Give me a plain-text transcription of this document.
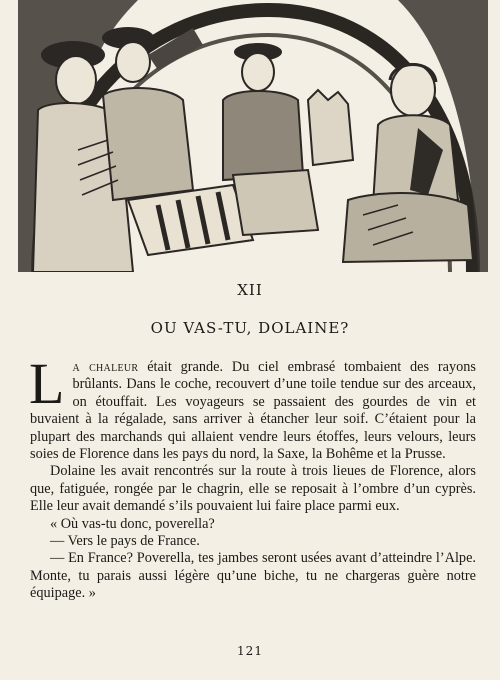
XII
OU VAS-TU, DOLAINE?

La chaleur était grande. Du ciel embrasé tombaient des rayons brûlants. Dans le coche, recouvert d’une toile tendue sur des arceaux, on étouffait. Les voyageurs se passaient des gourdes de vin et buvaient à la régalade, sans arriver à étancher leur soif. C’étaient pour la plupart des marchands qui allaient vendre leurs étoffes, leurs velours, leurs soies de Florence dans les pays du nord, la Saxe, la Bohême et la Prusse.

Dolaine les avait rencontrés sur la route à trois lieues de Florence, alors que, fatiguée, rongée par le chagrin, elle se reposait à l’ombre d’un cyprès. Elle leur avait demandé s’ils pouvaient lui faire place parmi eux.

« Où vas-tu donc, poverella?

— Vers le pays de France.

— En France? Poverella, tes jambes seront usées avant d’atteindre l’Alpe. Monte, tu parais aussi légère qu’une biche, tu ne chargeras guère notre équipage. »

121
